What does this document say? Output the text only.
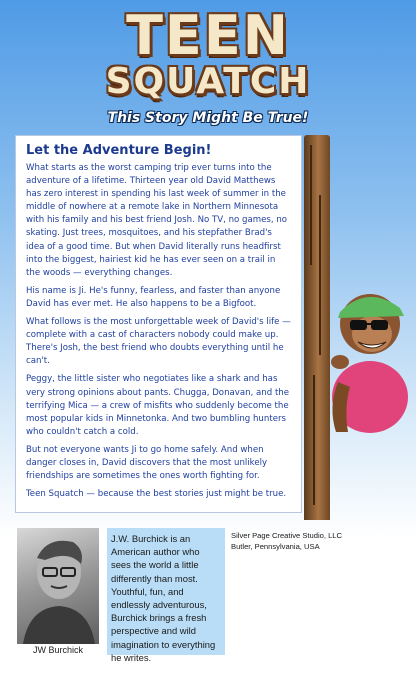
TEEN
SQUATCH
This Story Might Be True!
Let the Adventure Begin!

What starts as the worst camping trip ever turns into the adventure of a lifetime. Thirteen year old David Matthews has zero interest in spending his last week of summer in the middle of nowhere at a remote lake in Northern Minnesota with his family and his best friend Josh. No TV, no games, no skating. Just trees, mosquitoes, and his stepfather Brad's idea of a good time. But when David literally runs headfirst into the biggest, hairiest kid he has ever seen on a trail in the woods — everything changes.

His name is Ji. He's funny, fearless, and faster than anyone David has ever met. He also happens to be a Bigfoot.

What follows is the most unforgettable week of David's life — complete with a cast of characters nobody could make up. There's Josh, the best friend who doubts everything until he can't.

Peggy, the little sister who negotiates like a shark and has very strong opinions about pants. Chugga, Donavan, and the terrifying Mica — a crew of misfits who suddenly become the most popular kids in Minnetonka. And two bumbling hunters who couldn't catch a cold.

But not everyone wants Ji to go home safely. And when danger closes in, David discovers that the most unlikely friendships are sometimes the ones worth fighting for.

Teen Squatch — because the best stories just might be true.

JW Burchick

J.W. Burchick is an American author who sees the world a little differently than most. Youthful, fun, and endlessly adventurous, Burchick brings a fresh perspective and wild imagination to everything he writes.

Silver Page Creative Studio, LLC
Butler, Pennsylvania, USA
